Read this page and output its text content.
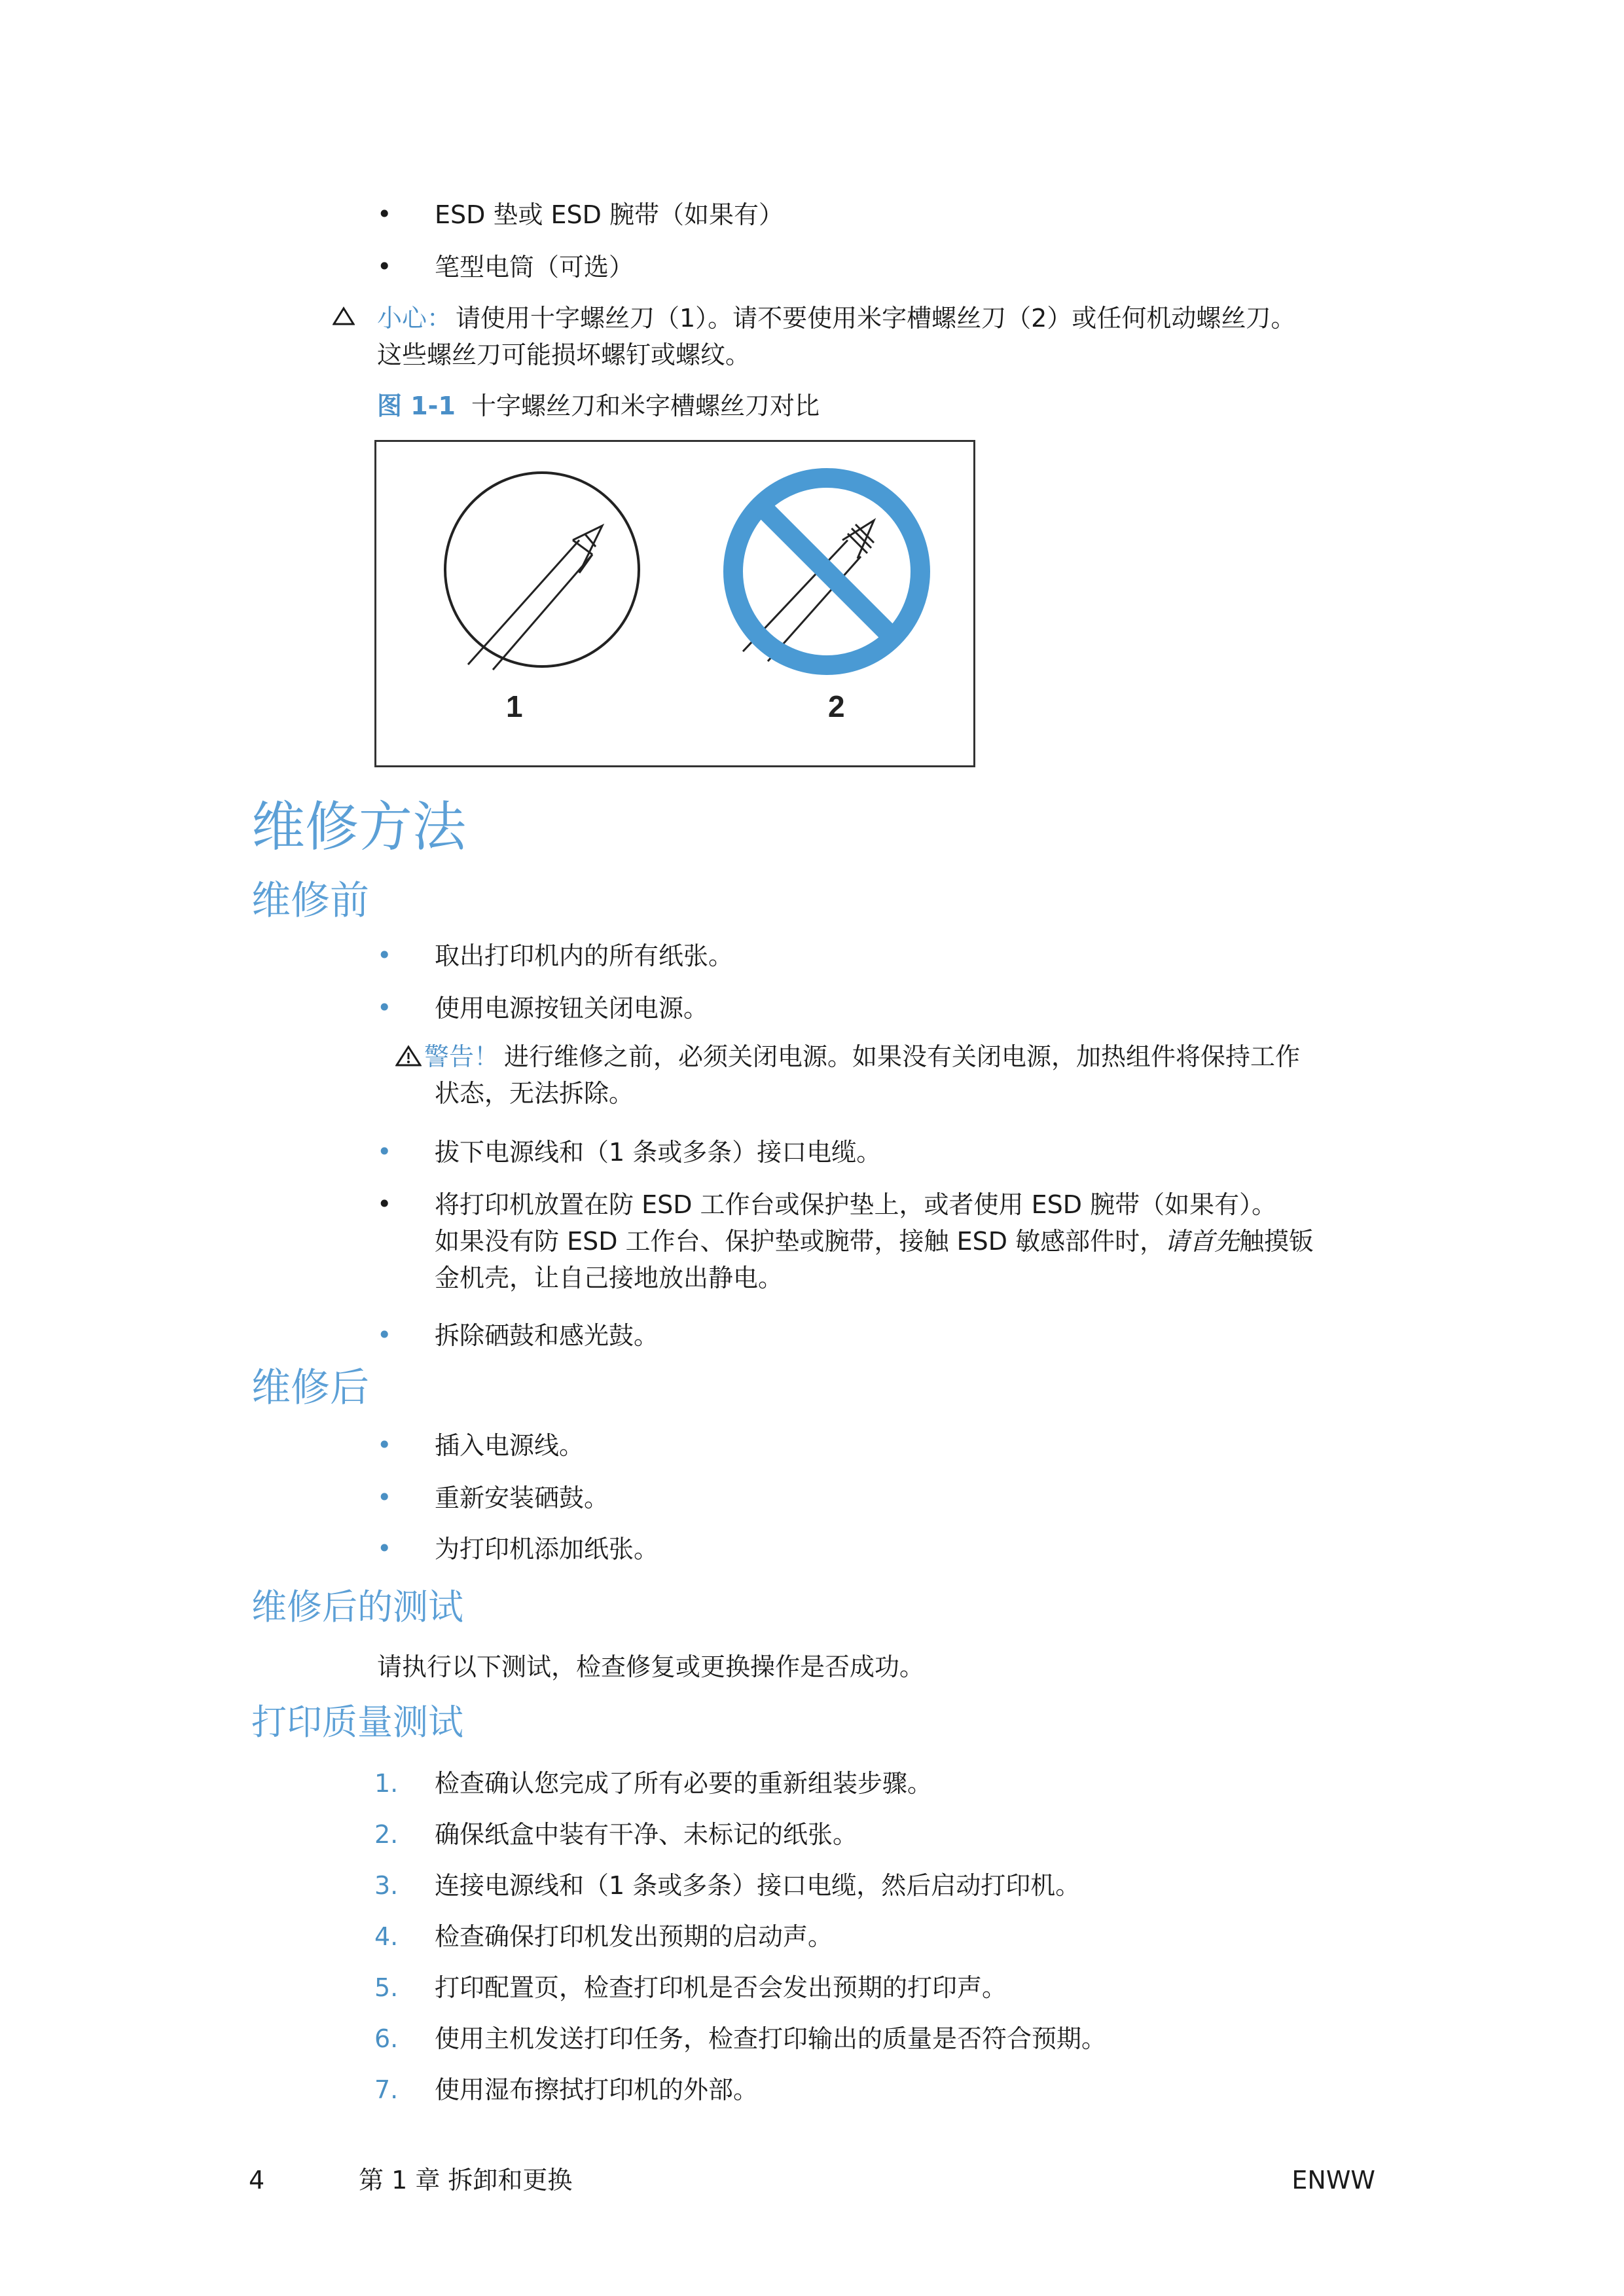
• ESD 垫或 ESD 腕带（如果有）
• 笔型电筒（可选）
小心： 请使用十字螺丝刀（1）。请不要使用米字槽螺丝刀（2）或任何机动螺丝刀。
这些螺丝刀可能损坏螺钉或螺纹。
图 1-1 十字螺丝刀和米字槽螺丝刀对比
1	2
维修方法
维修前
• 取出打印机内的所有纸张。
• 使用电源按钮关闭电源。
警告！ 进行维修之前，必须关闭电源。如果没有关闭电源，加热组件将保持工作
状态，无法拆除。
• 拔下电源线和（1 条或多条）接口电缆。
• 将打印机放置在防 ESD 工作台或保护垫上，或者使用 ESD 腕带（如果有）。
如果没有防 ESD 工作台、保护垫或腕带，接触 ESD 敏感部件时，请首先触摸钣
金机壳，让自己接地放出静电。
• 拆除硒鼓和感光鼓。
维修后
• 插入电源线。
• 重新安装硒鼓。
• 为打印机添加纸张。
维修后的测试
请执行以下测试，检查修复或更换操作是否成功。
打印质量测试
1. 检查确认您完成了所有必要的重新组装步骤。
2. 确保纸盒中装有干净、未标记的纸张。
3. 连接电源线和（1 条或多条）接口电缆，然后启动打印机。
4. 检查确保打印机发出预期的启动声。
5. 打印配置页，检查打印机是否会发出预期的打印声。
6. 使用主机发送打印任务，检查打印输出的质量是否符合预期。
7. 使用湿布擦拭打印机的外部。
4	第 1 章 拆卸和更换	ENWW
